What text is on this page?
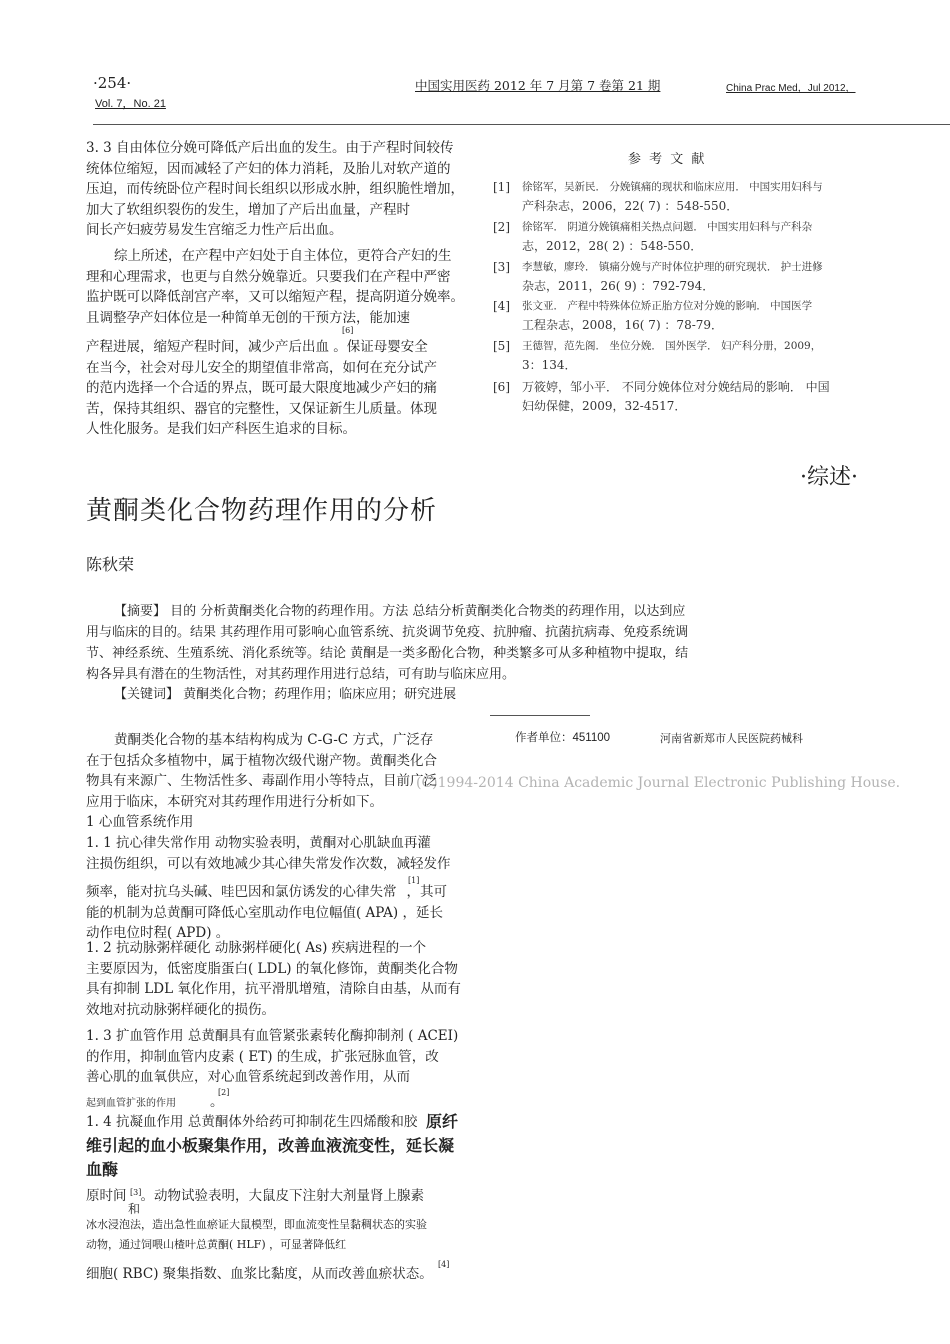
·254·
Vol. 7，No. 21
中国实用医药 2012 年 7 月第 7 卷第 21 期	China Prac Med，Jul 2012，
3. 3 自由体位分娩可降低产后出血的发生。由于产程时间较传
统体位缩短，因而减轻了产妇的体力消耗，及胎儿对软产道的
压迫，而传统卧位产程时间长组织以形成水肿，组织脆性增加，
加大了软组织裂伤的发生，增加了产后出血量，产程时
间长产妇疲劳易发生宫缩乏力性产后出血。
综上所述，在产程中产妇处于自主体位，更符合产妇的生
理和心理需求，也更与自然分娩靠近。只要我们在产程中严密
监护既可以降低剖宫产率，又可以缩短产程，提高阴道分娩率。
且调整孕产妇体位是一种简单无创的干预方法，能加速
[6]
产程进展，缩短产程时间，减少产后出血 。保证母婴安全
在当今，社会对母儿安全的期望值非常高，如何在充分试产
的范内选择一个合适的界点，既可最大限度地减少产妇的痛
苦，保持其组织、器官的完整性，又保证新生儿质量。体现
人性化服务。是我们妇产科医生追求的目标。
参 考 文 献
[1] 徐铭军，吴新民． 分娩镇痛的现状和临床应用． 中国实用妇科与
产科杂志，2006，22( 7) ：548-550．
[2] 徐铭军． 阴道分娩镇痛相关热点问题． 中国实用妇科与产科杂
志，2012，28( 2) ：548-550．
[3] 李慧敏，廖玲． 镇痛分娩与产时体位护理的研究现状． 护士进修
杂志，2011，26( 9) ：792-794．
[4] 张文亚． 产程中特殊体位矫正胎方位对分娩的影响． 中国医学
工程杂志，2008，16( 7) ：78-79．
[5] 王德智，范先阁． 坐位分娩． 国外医学． 妇产科分册，2009，
3：134．
[6] 万筱婷，邹小平． 不同分娩体位对分娩结局的影响． 中国
妇幼保健，2009，32-4517．
·综述·
黄酮类化合物药理作用的分析
陈秋荣
【摘要】 目的 分析黄酮类化合物的药理作用。方法 总结分析黄酮类化合物类的药理作用，以达到应
用与临床的目的。结果 其药理作用可影响心血管系统、抗炎调节免疫、抗肿瘤、抗菌抗病毒、免疫系统调
节、神经系统、生殖系统、消化系统等。结论 黄酮是一类多酚化合物，种类繁多可从多种植物中提取，结
构各异具有潜在的生物活性，对其药理作用进行总结，可有助与临床应用。
【关键词】 黄酮类化合物；药理作用；临床应用；研究进展
作者单位：451100	河南省新郑市人民医院药械科
(C)1994-2014 China Academic Journal Electronic Publishing House.
黄酮类化合物的基本结构构成为 C-G-C 方式，广泛存
在于包括众多植物中，属于植物次级代谢产物。黄酮类化合
物具有来源广、生物活性多、毒副作用小等特点，目前广泛
应用于临床，本研究对其药理作用进行分析如下。
1 心血管系统作用
1. 1 抗心律失常作用 动物实验表明，黄酮对心肌缺血再灌
注损伤组织，可以有效地减少其心律失常发作次数，减轻发作
频率，能对抗乌头碱、哇巴因和氯仿诱发的心律失常 ，其可
能的机制为总黄酮可降低心室肌动作电位幅值( APA) ，延长
动作电位时程( APD) 。
[1]
1. 2 抗动脉粥样硬化 动脉粥样硬化( As) 疾病进程的一个
主要原因为，低密度脂蛋白( LDL) 的氧化修饰，黄酮类化合物
具有抑制 LDL 氧化作用，抗平滑肌增殖，清除自由基，从而有
效地对抗动脉粥样硬化的损伤。
1. 3 扩血管作用 总黄酮具有血管紧张素转化酶抑制剂 ( ACEI)
的作用，抑制血管内皮素 ( ET) 的生成，扩张冠脉血管，改
善心肌的血氧供应，对心血管系统起到改善作用，从而
起到血管扩张的作用	。
[2]
1. 4 抗凝血作用 总黄酮体外给药可抑制花生四烯酸和胶 原纤
维引起的血小板聚集作用，改善血液流变性，延长凝
血酶
[3]
原时间 。动物试验表明，大鼠皮下注射大剂量肾上腺素
和
冰水浸泡法，造出急性血瘀证大鼠模型，即血流变性呈黏稠状态的实验
动物，通过饲喂山楂叶总黄酮( HLF) ，可显著降低红
细胞( RBC) 聚集指数、血浆比黏度，从而改善血瘀状态。
[4]
